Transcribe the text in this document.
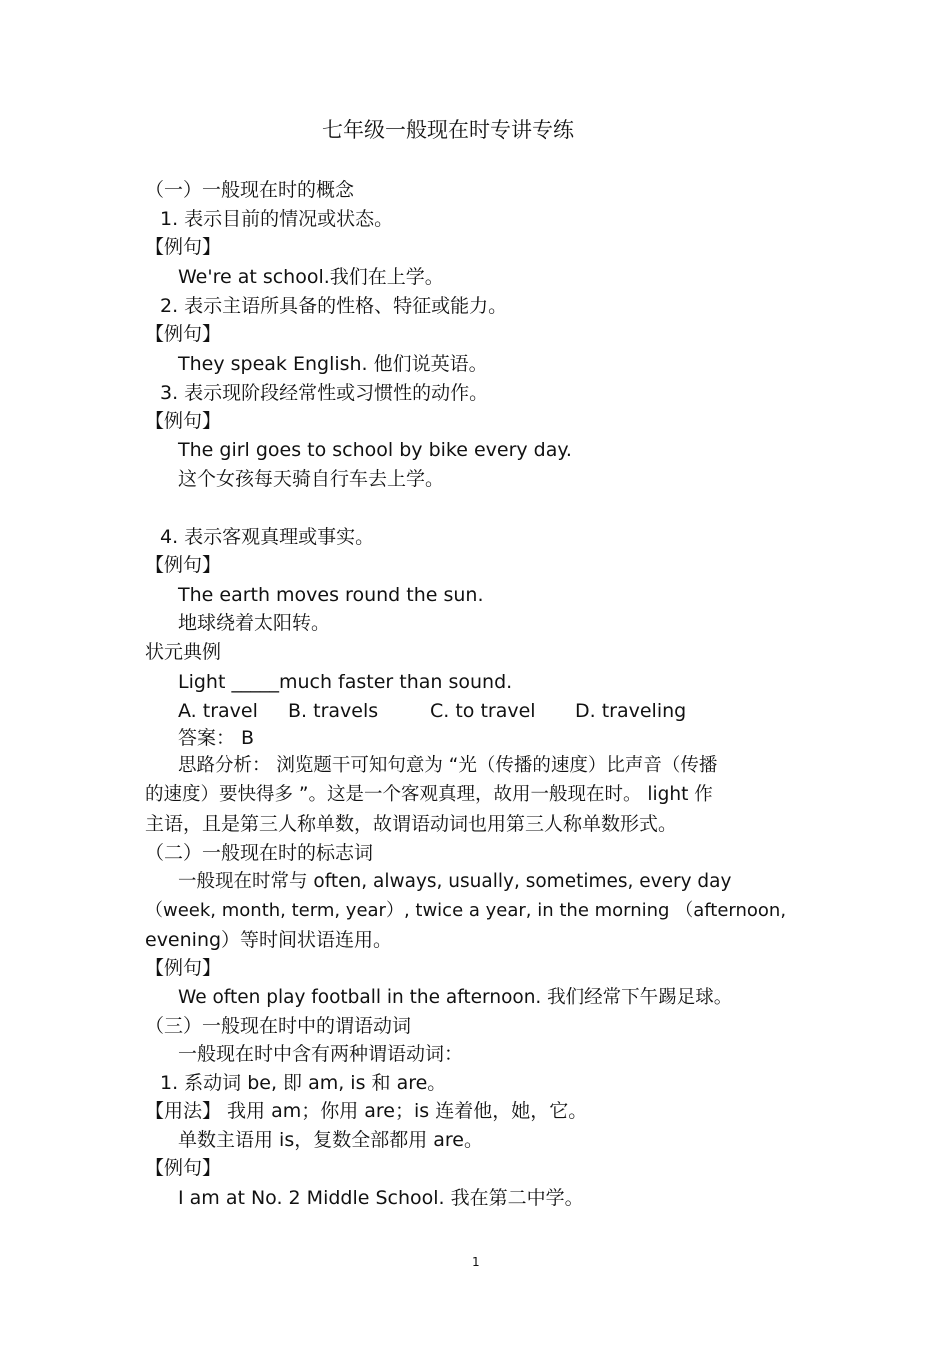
七年级一般现在时专讲专练
（一）一般现在时的概念
1. 表示目前的情况或状态。
【例句】
We're at school.我们在上学。
2. 表示主语所具备的性格、特征或能力。
【例句】
They speak English. 他们说英语。
3. 表示现阶段经常性或习惯性的动作。
【例句】
The girl goes to school by bike every day.
这个女孩每天骑自行车去上学。
4. 表示客观真理或事实。
【例句】
The earth moves round the sun.
地球绕着太阳转。
状元典例
Light _____much faster than sound.
A. travel B. travels	C. to travel D. traveling
答案： B
思路分析： 浏览题干可知句意为 “光（传播的速度）比声音（传播
的速度）要快得多 ”。这是一个客观真理，故用一般现在时。 light 作
主语，且是第三人称单数，故谓语动词也用第三人称单数形式。
（二）一般现在时的标志词
一般现在时常与 often, always, usually, sometimes, every day
（week, month, term, year）, twice a year, in the morning （afternoon,
evening）等时间状语连用。
【例句】
We often play football in the afternoon. 我们经常下午踢足球。
（三）一般现在时中的谓语动词
一般现在时中含有两种谓语动词：
1. 系动词 be, 即 am, is 和 are。
【用法】 我用 am；你用 are；is 连着他，她，它。
单数主语用 is，复数全部都用 are。
【例句】
I am at No. 2 Middle School. 我在第二中学。
1
